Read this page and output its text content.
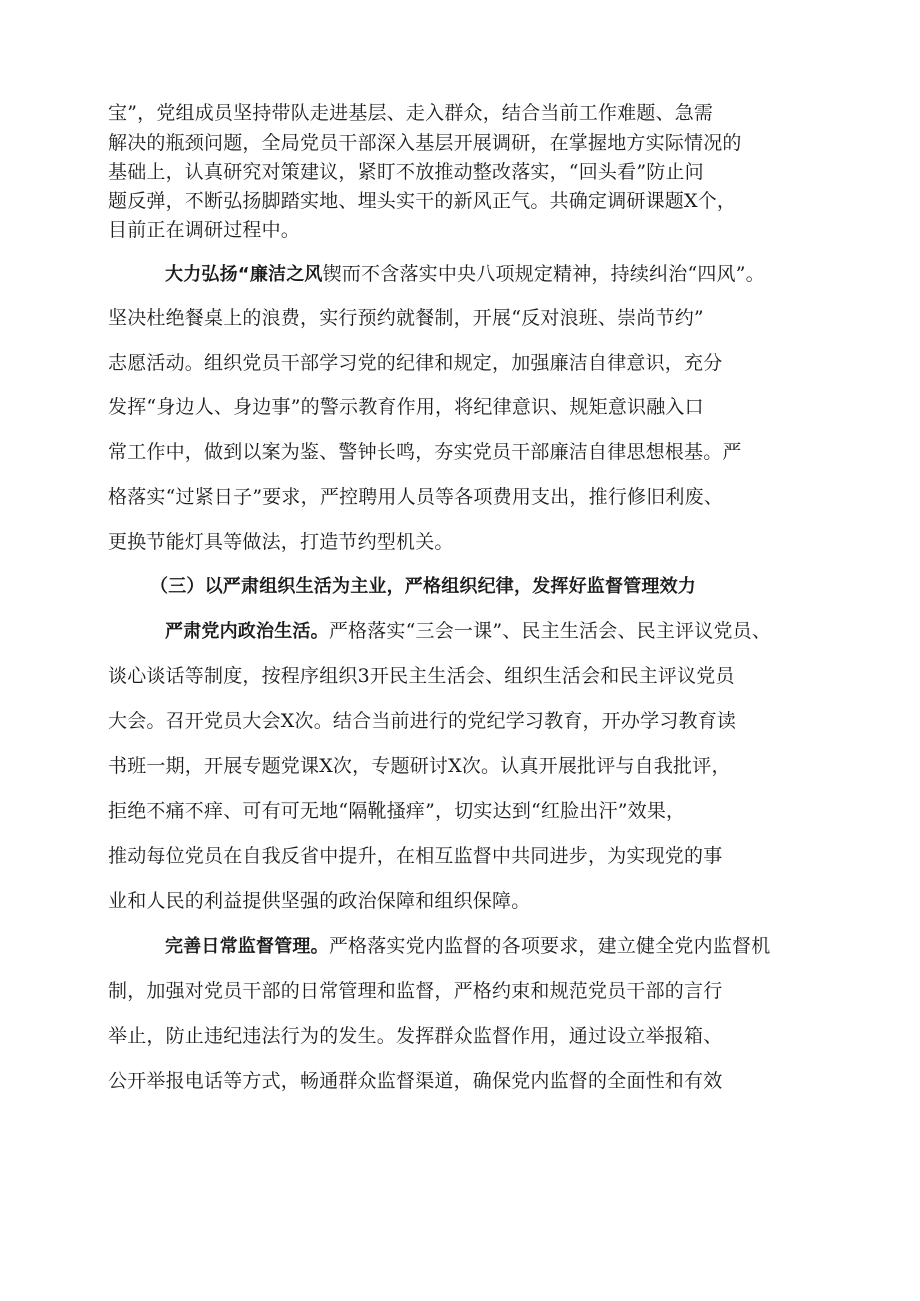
宝”，党组成员坚持带队走进基层、走入群众，结合当前工作难题、急需
解决的瓶颈问题，全局党员干部深入基层开展调研，在掌握地方实际情况的
基础上，认真研究对策建议，紧盯不放推动整改落实，“回头看”防止问
题反弹，不断弘扬脚踏实地、埋头实干的新风正气。共确定调研课题X个，
目前正在调研过程中。
大力弘扬“廉洁之风锲而不含落实中央八项规定精神，持续纠治“四风”。
坚决杜绝餐桌上的浪费，实行预约就餐制，开展“反对浪班、崇尚节约”
志愿活动。组织党员干部学习党的纪律和规定，加强廉洁自律意识，充分
发挥“身边人、身边事”的警示教育作用，将纪律意识、规矩意识融入口
常工作中，做到以案为鉴、警钟长鸣，夯实党员干部廉洁自律思想根基。严
格落实“过紧日子”要求，严控聘用人员等各项费用支出，推行修旧利废、
更换节能灯具等做法，打造节约型机关。
（三）以严肃组织生活为主业，严格组织纪律，发挥好监督管理效力
严肃党内政治生活。严格落实“三会一课”、民主生活会、民主评议党员、
谈心谈话等制度，按程序组织3开民主生活会、组织生活会和民主评议党员
大会。召开党员大会X次。结合当前进行的党纪学习教育，开办学习教育读
书班一期，开展专题党课X次，专题研讨X次。认真开展批评与自我批评，
拒绝不痛不痒、可有可无地“隔靴搔痒”，切实达到“红脸出汗”效果，
推动每位党员在自我反省中提升，在相互监督中共同进步，为实现党的事
业和人民的利益提供坚强的政治保障和组织保障。
完善日常监督管理。严格落实党内监督的各项要求，建立健全党内监督机
制，加强对党员干部的日常管理和监督，严格约束和规范党员干部的言行
举止，防止违纪违法行为的发生。发挥群众监督作用，通过设立举报箱、
公开举报电话等方式，畅通群众监督渠道，确保党内监督的全面性和有效
